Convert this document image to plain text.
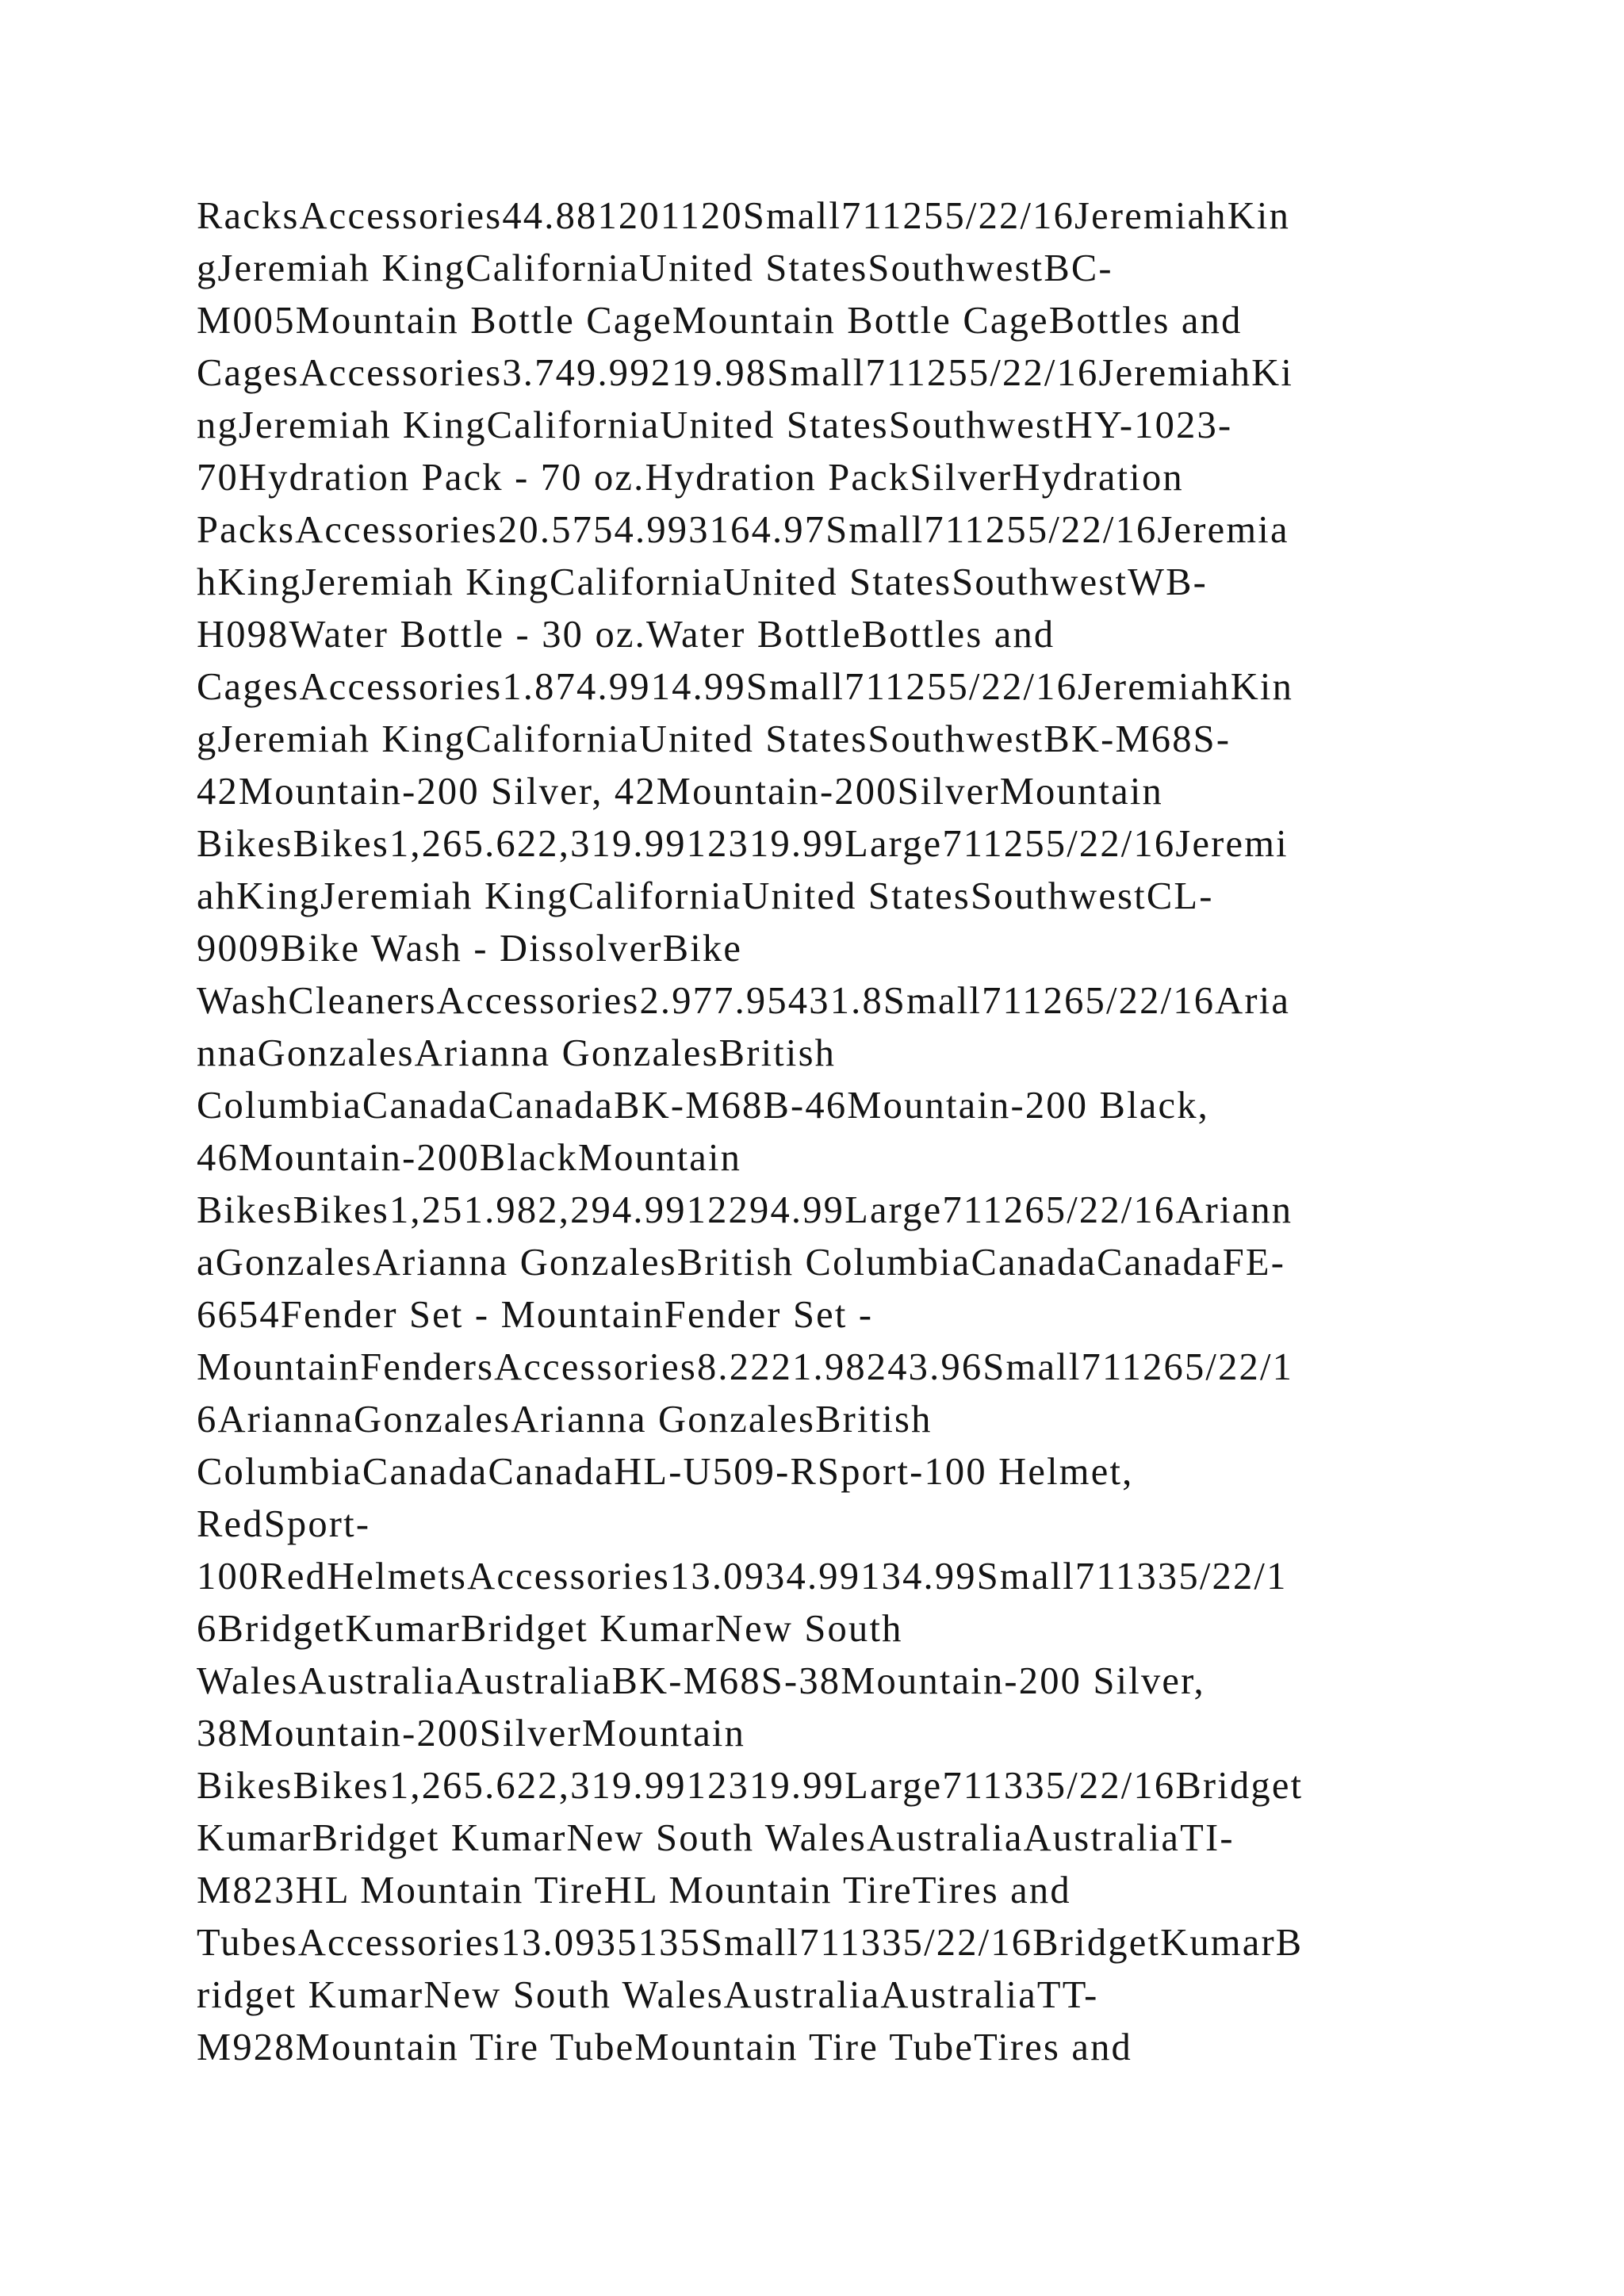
RacksAccessories44.881201120Small711255/22/16JeremiahKin
gJeremiah KingCaliforniaUnited StatesSouthwestBC-
M005Mountain Bottle CageMountain Bottle CageBottles and
CagesAccessories3.749.99219.98Small711255/22/16JeremiahKi
ngJeremiah KingCaliforniaUnited StatesSouthwestHY-1023-
70Hydration Pack - 70 oz.Hydration PackSilverHydration
PacksAccessories20.5754.993164.97Small711255/22/16Jeremia
hKingJeremiah KingCaliforniaUnited StatesSouthwestWB-
H098Water Bottle - 30 oz.Water BottleBottles and
CagesAccessories1.874.9914.99Small711255/22/16JeremiahKin
gJeremiah KingCaliforniaUnited StatesSouthwestBK-M68S-
42Mountain-200 Silver, 42Mountain-200SilverMountain
BikesBikes1,265.622,319.9912319.99Large711255/22/16Jeremi
ahKingJeremiah KingCaliforniaUnited StatesSouthwestCL-
9009Bike Wash - DissolverBike
WashCleanersAccessories2.977.95431.8Small711265/22/16Aria
nnaGonzalesArianna GonzalesBritish
ColumbiaCanadaCanadaBK-M68B-46Mountain-200 Black,
46Mountain-200BlackMountain
BikesBikes1,251.982,294.9912294.99Large711265/22/16Ariann
aGonzalesArianna GonzalesBritish ColumbiaCanadaCanadaFE-
6654Fender Set - MountainFender Set -
MountainFendersAccessories8.2221.98243.96Small711265/22/1
6AriannaGonzalesArianna GonzalesBritish
ColumbiaCanadaCanadaHL-U509-RSport-100 Helmet,
RedSport-
100RedHelmetsAccessories13.0934.99134.99Small711335/22/1
6BridgetKumarBridget KumarNew South
WalesAustraliaAustraliaBK-M68S-38Mountain-200 Silver,
38Mountain-200SilverMountain
BikesBikes1,265.622,319.9912319.99Large711335/22/16Bridget
KumarBridget KumarNew South WalesAustraliaAustraliaTI-
M823HL Mountain TireHL Mountain TireTires and
TubesAccessories13.0935135Small711335/22/16BridgetKumarB
ridget KumarNew South WalesAustraliaAustraliaTT-
M928Mountain Tire TubeMountain Tire TubeTires and
